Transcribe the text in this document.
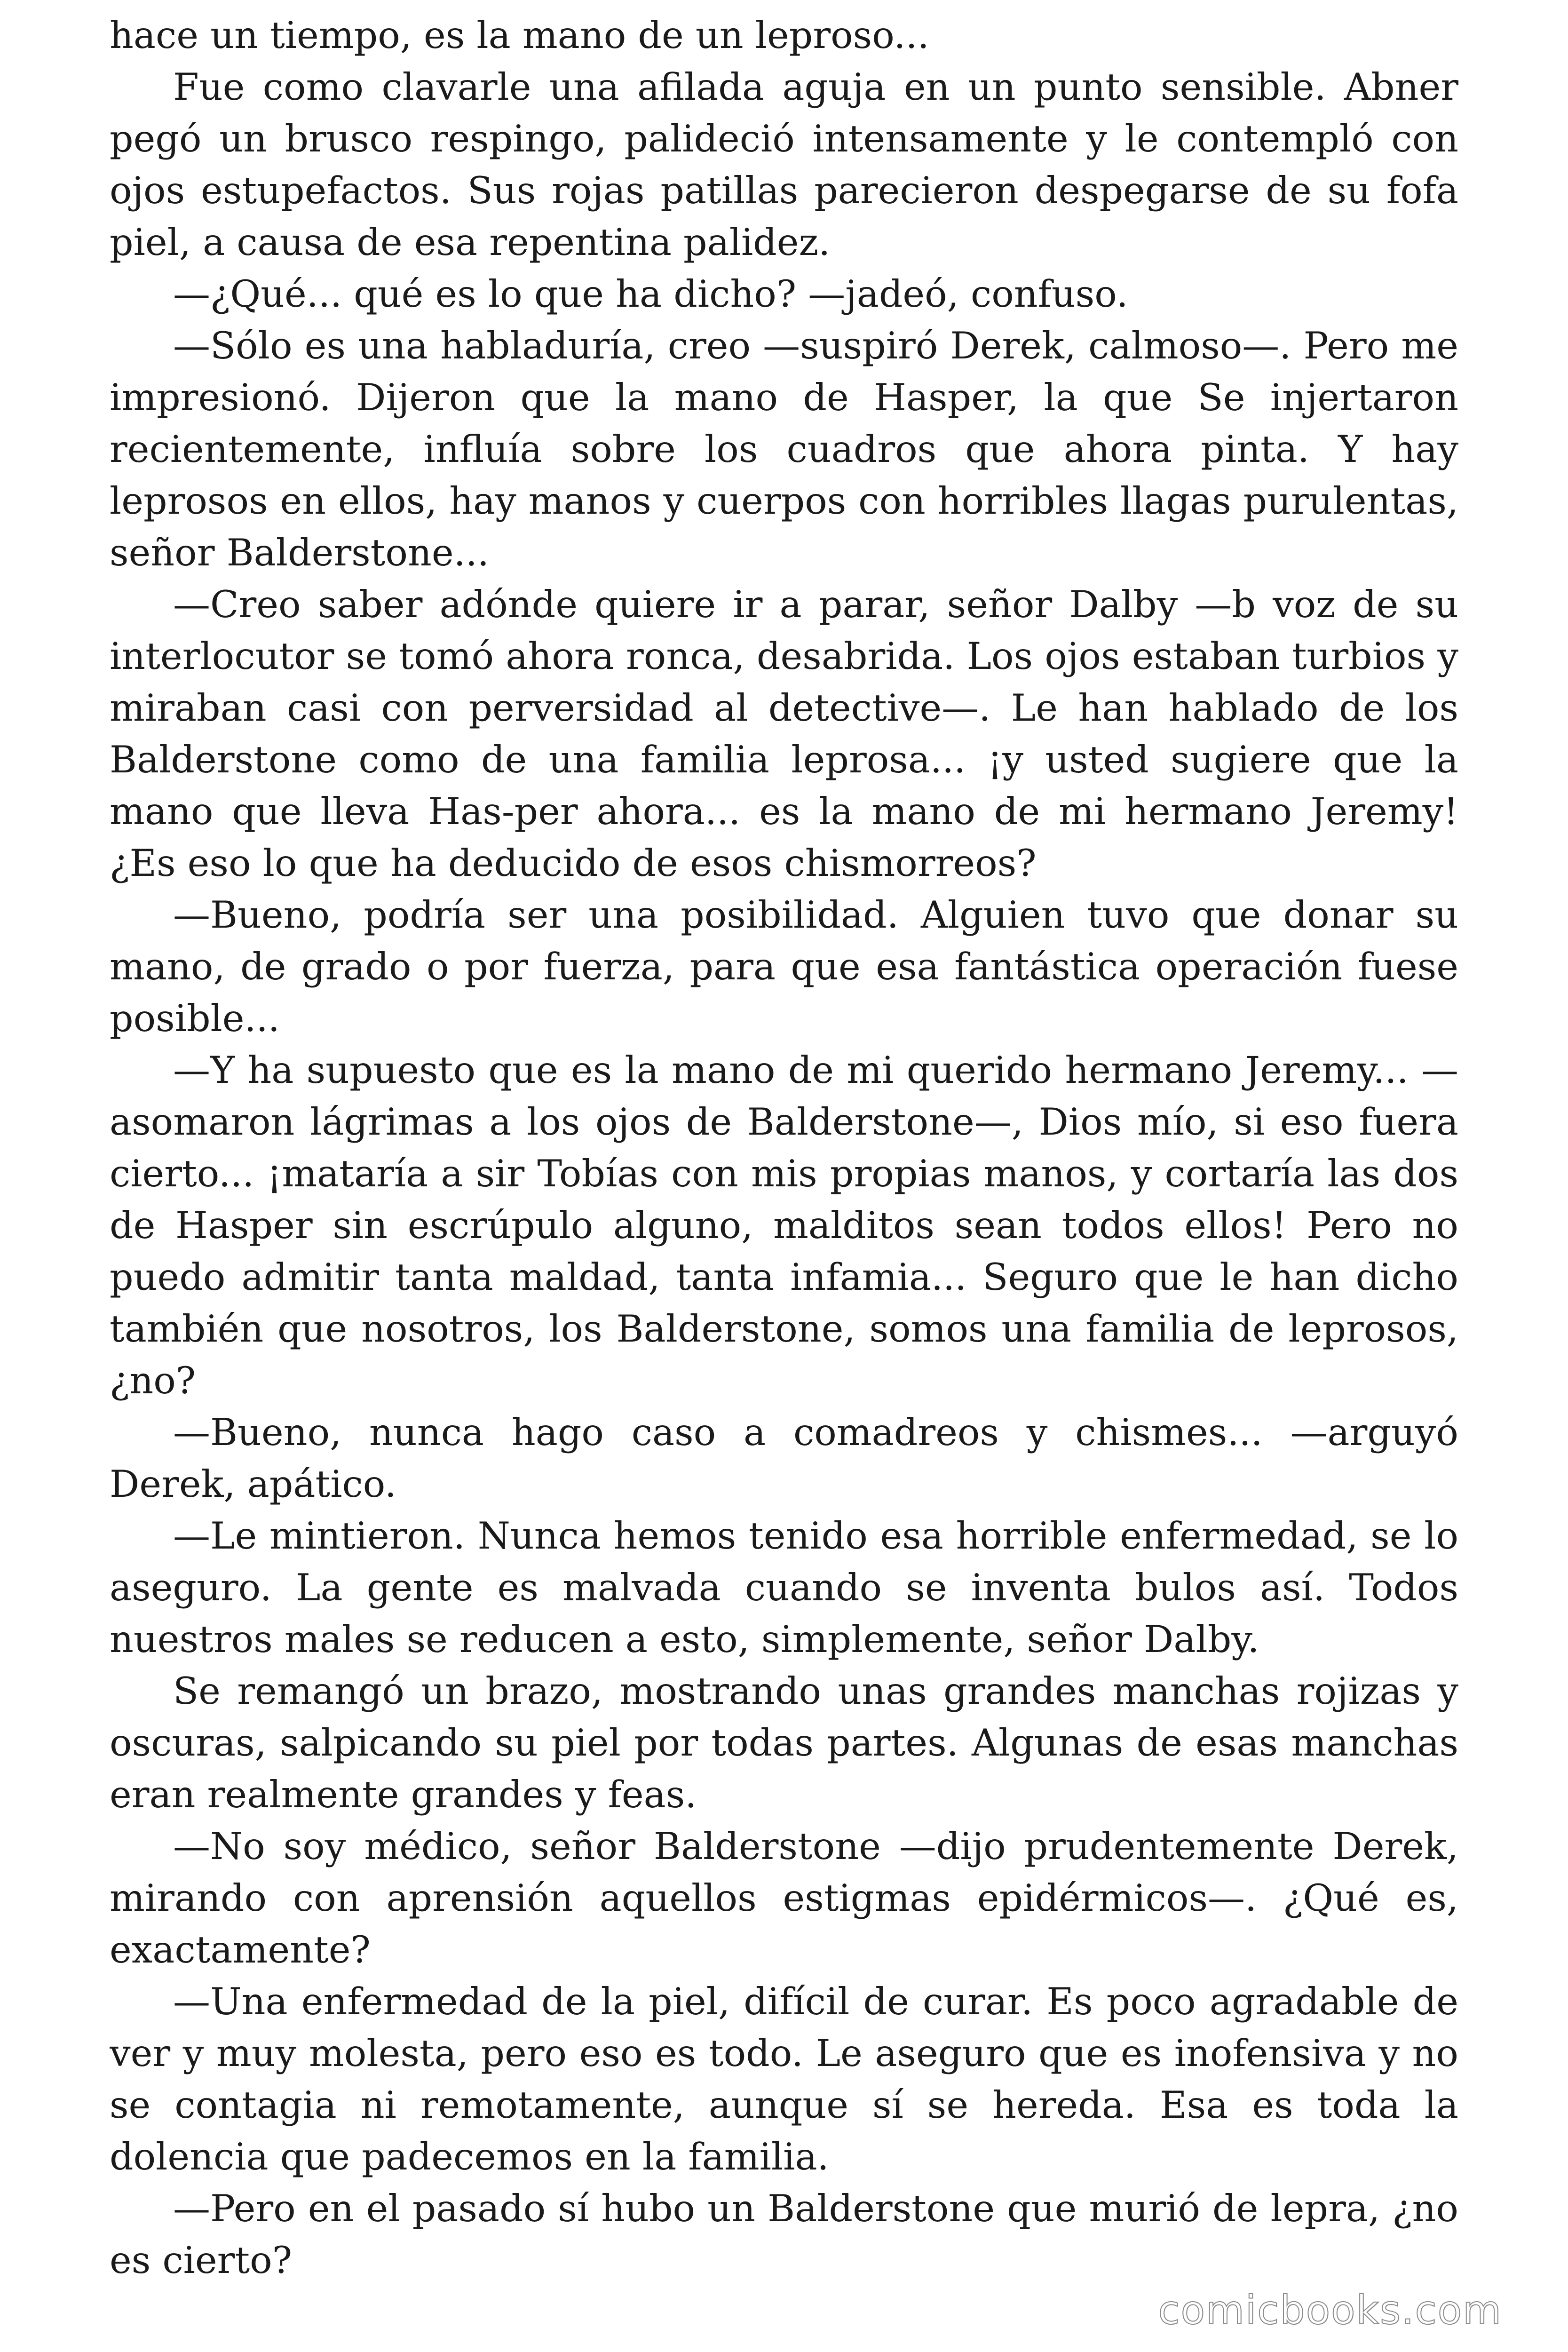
hace un tiempo, es la mano de un leproso...

Fue como clavarle una afilada aguja en un punto sensible. Abner pegó un brusco respingo, palideció intensamente y le contempló con ojos estupefactos. Sus rojas patillas parecieron despegarse de su fofa piel, a causa de esa repentina palidez.

—¿Qué... qué es lo que ha dicho? —jadeó, confuso.

—Sólo es una habladuría, creo —suspiró Derek, calmoso—. Pero me impresionó. Dijeron que la mano de Hasper, la que Se injertaron recientemente, influía sobre los cuadros que ahora pinta. Y hay leprosos en ellos, hay manos y cuerpos con horribles llagas purulentas, señor Balderstone...

—Creo saber adónde quiere ir a parar, señor Dalby —b voz de su interlocutor se tomó ahora ronca, desabrida. Los ojos estaban turbios y miraban casi con perversidad al detective—. Le han hablado de los Balderstone como de una familia leprosa... ¡y usted sugiere que la mano que lleva Has-per ahora... es la mano de mi hermano Jeremy! ¿Es eso lo que ha deducido de esos chismorreos?

—Bueno, podría ser una posibilidad. Alguien tuvo que donar su mano, de grado o por fuerza, para que esa fantástica operación fuese posible...

—Y ha supuesto que es la mano de mi querido hermano Jeremy... —asomaron lágrimas a los ojos de Balderstone—, Dios mío, si eso fuera cierto... ¡mataría a sir Tobías con mis propias manos, y cortaría las dos de Hasper sin escrúpulo alguno, malditos sean todos ellos! Pero no puedo admitir tanta maldad, tanta infamia... Seguro que le han dicho también que nosotros, los Balderstone, somos una familia de leprosos, ¿no?

—Bueno, nunca hago caso a comadreos y chismes... —arguyó Derek, apático.

—Le mintieron. Nunca hemos tenido esa horrible enfermedad, se lo aseguro. La gente es malvada cuando se inventa bulos así. Todos nuestros males se reducen a esto, simplemente, señor Dalby.

Se remangó un brazo, mostrando unas grandes manchas rojizas y oscuras, salpicando su piel por todas partes. Algunas de esas manchas eran realmente grandes y feas.

—No soy médico, señor Balderstone —dijo prudentemente Derek, mirando con aprensión aquellos estigmas epidérmicos—. ¿Qué es, exactamente?

—Una enfermedad de la piel, difícil de curar. Es poco agradable de ver y muy molesta, pero eso es todo. Le aseguro que es inofensiva y no se contagia ni remotamente, aunque sí se hereda. Esa es toda la dolencia que padecemos en la familia.

—Pero en el pasado sí hubo un Balderstone que murió de lepra, ¿no es cierto?

comicbooks.com
